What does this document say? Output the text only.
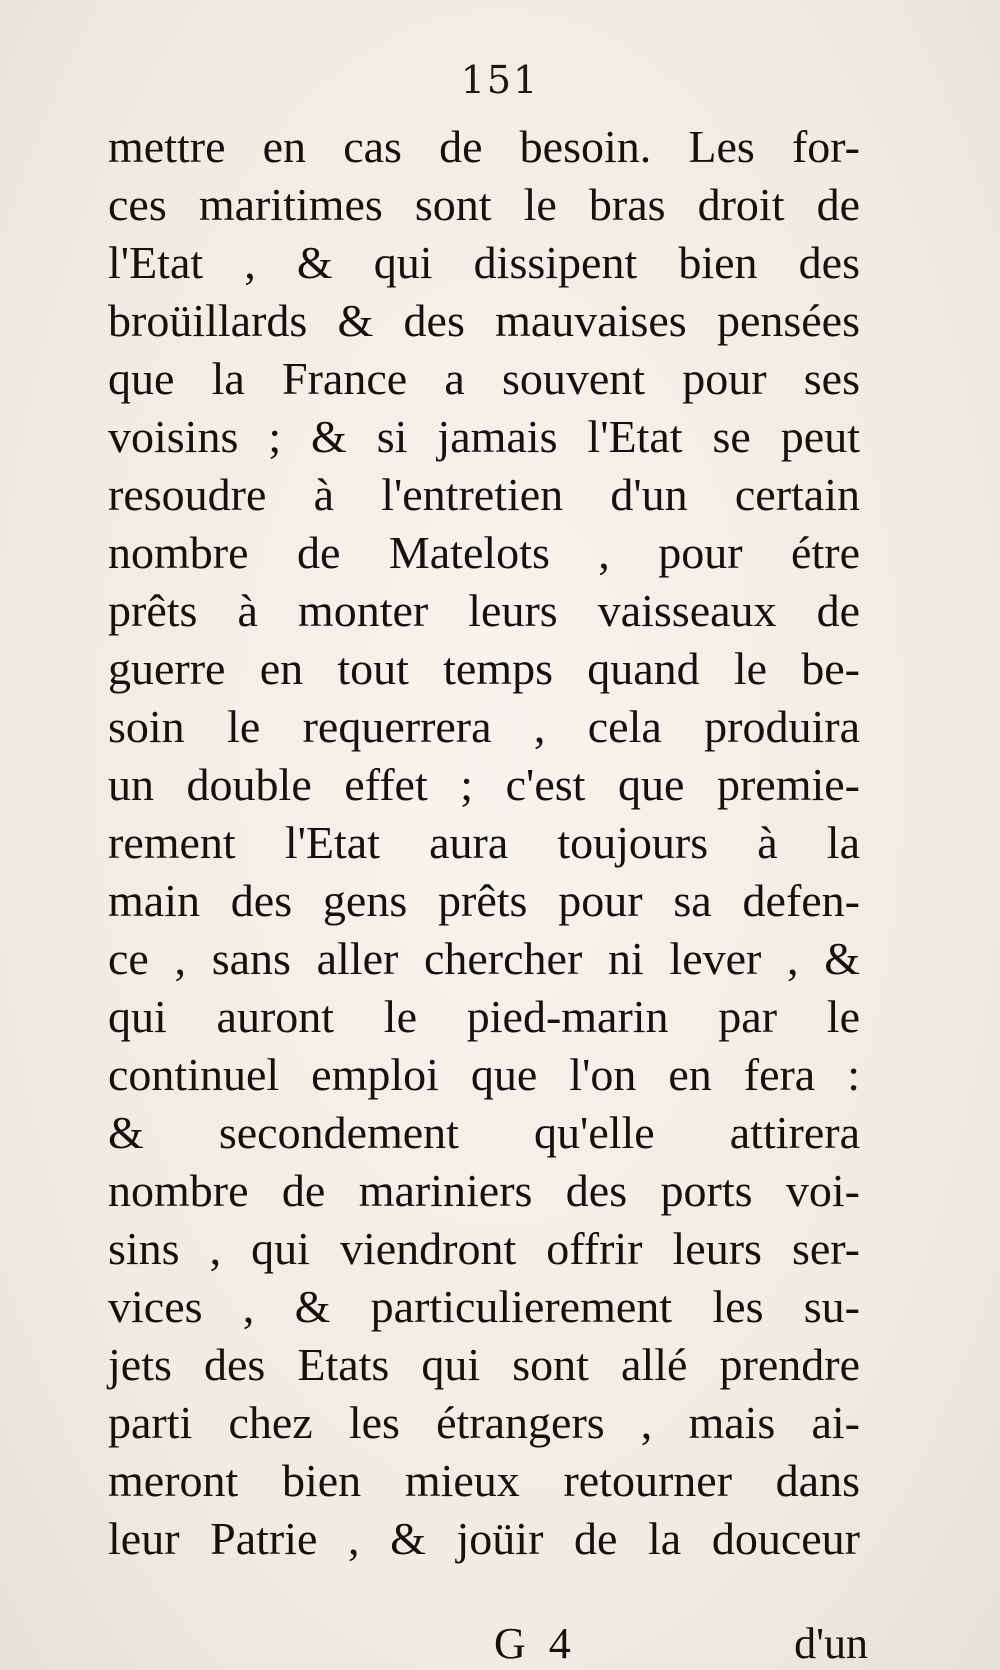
151
mettre en cas de besoin. Les for-
ces maritimes sont le bras droit de
l'Etat , & qui dissipent bien des
broüillards & des mauvaises pensées
que la France a souvent pour ses
voisins ; & si jamais l'Etat se peut
resoudre à l'entretien d'un certain
nombre de Matelots , pour étre
prêts à monter leurs vaisseaux de
guerre en tout temps quand le be-
soin le requerrera , cela produira
un double effet ; c'est que premie-
rement l'Etat aura toujours à la
main des gens prêts pour sa defen-
ce , sans aller chercher ni lever , &
qui auront le pied-marin par le
continuel emploi que l'on en fera :
& secondement qu'elle attirera
nombre de mariniers des ports voi-
sins , qui viendront offrir leurs ser-
vices , & particulierement les su-
jets des Etats qui sont allé prendre
parti chez les étrangers , mais ai-
meront bien mieux retourner dans
leur Patrie , & joüir de la douceur
G 4	d'un
